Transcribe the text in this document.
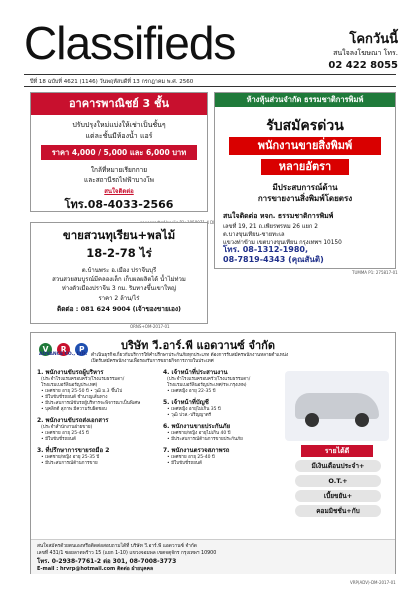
Classifieds	โคกวันนี้
สนใจลงโฆษณา โทร.
02 422 8055
ปีที่ 18 ฉบับที่ 4621 (1146) วันพฤหัสบดีที่ 13 กรกฎาคม พ.ศ. 2560
อาคารพาณิชย์ 3 ชั้น
ปรับปรุงใหม่แบ่งให้เช่าเป็นชั้นๆ
แต่ละชั้นมีห้องน้ำ แอร์
ราคา 4,000 / 5,000 และ 6,000 บาท
ใกล้ที่หมายเรียกกาย
และสถานีรถไฟฟ้าบางโพ
สนใจติดต่อ
โทร.08-4033-2566
ห้างหุ้นส่วนจำกัด ธรรมชาติการพิมพ์
รับสมัครด่วน
พนักงานขายสิ่งพิมพ์
หลายอัตรา
มีประสบการณ์ด้าน
การขายงานสิ่งพิมพ์โดยตรง
สนใจติดต่อ หจก. ธรรมชาติการพิมพ์
เลขที่ 19, 21 ถ.เพียรพรหม 26 แยก 2
ต.บางขุนเทียน-ชายทะเล
แขวงท่าข้าม เขตบางขุนเทียน กรุงเทพฯ 10150
โทร. 08-1312-1980,
08-7819-4343 (คุณสันติ)
TUMMA P1: 275817-01
ขายสวนทุเรียน+พลไม้
18-2-78 ไร่
ต.บ้านพระ อ.เมือง ปราจีนบุรี
สวนสวยสมบูรณ์มีคลองเล็ก เก็บผลผลิตได้ น้ำไม่ท่วม
ห่างตัวเมืองปราจีน 3 กม. ริมทางขึ้นเขาใหญ่
ราคา 2 ล้าน/ไร่
ติดต่อ : 081 624 9004 (เจ้าของขายเอง)
ORNS+OM-2017-01
V R P
ADVANCE CO., LTD.
บริษัท วี.อาร์.พี แอดวานซ์ จำกัด
ดำเนินธุรกิจเกี่ยวกับบริการให้คำปรึกษาประกันภัยทุกประเภท ต้องการรับสมัครพนักงานหลายตำแหน่ง
เปิดรับสมัครพนักงานเพื่อรองรับการขยายกิจการภายในประเทศ
รายได้ดี
มีเงินเดือนประจำ+
O.T.+
เบี้ยขยัน+
คอมมิชชั่น+กับ
สนใจสมัครด้วยตนเองหรือติดต่อสอบถามได้ที่ บริษัท วี.อาร์.พี แอดวานซ์ จำกัด
เลขที่ 431/1 ซอยลาดพร้าว 15 (แยก 1-10) แขวงจอมพล เขตจตุจักร กรุงเทพฯ 10900
โทร. 0-2938-7761-2 ต่อ 301, 08-7008-3773
E-mail : hrvrp@hotmail.com ติดต่อ ฝ่ายบุคคล
1. พนักงานขับรถผู้บริหาร
(ประจำโรงแรมครอบครัว/โรงแรมธรรมดา/
โรงแรมเบอร์ลินอรัญประเทศ)
• เพศชาย อายุ 25-50 ปี • วุฒิ ม.3 ขึ้นไป
• มีใบขับขี่รถยนต์ ชำนาญเส้นทาง
• มีประสบการณ์ขับรถผู้บริหารจะพิจารณาเป็นพิเศษ
• บุคลิกดี สุภาพ มีความรับผิดชอบ
2. พนักงานขับรถส่งเอกสาร
(ประจำสำนักงานฝ่ายขาย)
• เพศชาย อายุ 25-45 ปี
• มีใบขับขี่รถยนต์
3. ที่ปรึกษาการขายรถมือ 2
• เพศชาย/หญิง อายุ 25-35 ปี
• มีประสบการณ์ด้านการขาย
4. เจ้าหน้าที่ประสานงาน
(ประจำโรงแรมครอบครัว/โรงแรมธรรมดา/
โรงแรมเบอร์ลินอรัญประเทศ/รพ.กรุงเทพ)
• เพศหญิง อายุ 22-35 ปี
5. เจ้าหน้าที่บัญชี
• เพศหญิง อายุไม่เกิน 35 ปี
• วุฒิ ปวส.-ปริญญาตรี
6. พนักงานขายประกันภัย
• เพศชาย/หญิง อายุไม่เกิน 40 ปี
• มีประสบการณ์ด้านการขายประกันภัย
7. พนักงานตรวจสภาพรถ
• เพศชาย อายุ 25-40 ปี
• มีใบขับขี่รถยนต์
VRP(ADV)-DM-2017-01
